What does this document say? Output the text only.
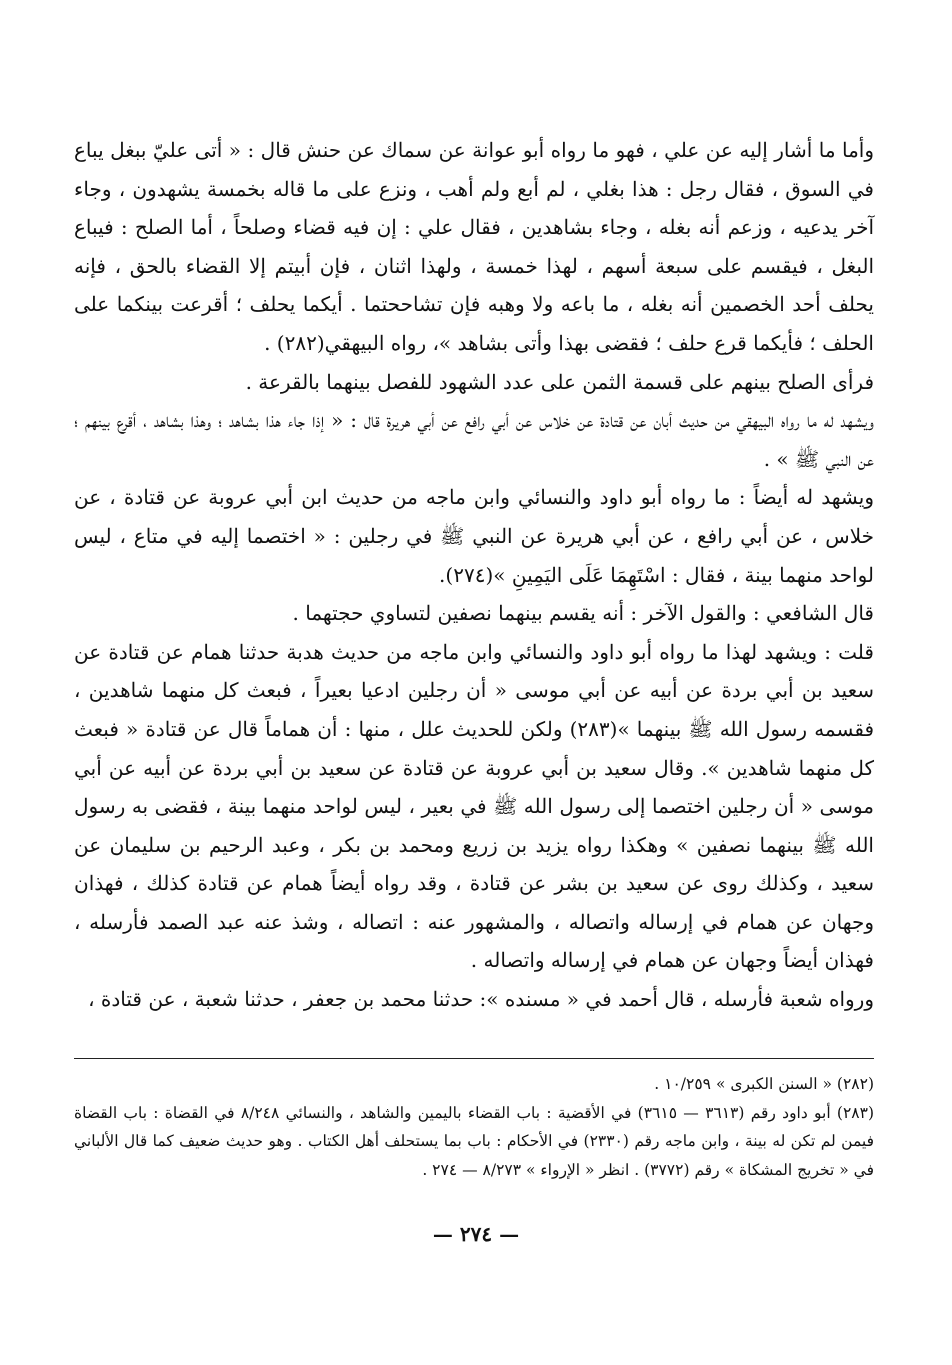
وأما ما أشار إليه عن علي ، فهو ما رواه أبو عوانة عن سماك عن حنش قال : « أتى عليّ ببغل يباع في السوق ، فقال رجل : هذا بغلي ، لم أبع ولم أهب ، ونزع على ما قاله بخمسة يشهدون ، وجاء آخر يدعيه ، وزعم أنه بغله ، وجاء بشاهدين ، فقال علي : إن فيه قضاء وصلحاً ، أما الصلح : فيباع البغل ، فيقسم على سبعة أسهم ، لهذا خمسة ، ولهذا اثنان ، فإن أبيتم إلا القضاء بالحق ، فإنه يحلف أحد الخصمين أنه بغله ، ما باعه ولا وهبه فإن تشاححتما . أيكما يحلف ؛ أقرعت بينكما على الحلف ؛ فأيكما قرع حلف ؛ فقضى بهذا وأتى بشاهد »، رواه البيهقي(٢٨٢) .

فرأى الصلح بينهم على قسمة الثمن على عدد الشهود للفصل بينهما بالقرعة .

ويشهد له ما رواه البيهقي من حديث أبان عن قتادة عن خلاس عن أبي رافع عن أبي هريرة قال : « إذا جاء هذا بشاهد ؛ وهذا بشاهد ، أقرع بينهم ؛ عن النبي ﷺ » .

ويشهد له أيضاً : ما رواه أبو داود والنسائي وابن ماجه من حديث ابن أبي عروبة عن قتادة ، عن خلاس ، عن أبي رافع ، عن أبي هريرة عن النبي ﷺ في رجلين : « اختصما إليه في متاع ، ليس لواحد منهما بينة ، فقال : اسْتَهِمَا عَلَى اليَمِينِ »(٢٧٤).

قال الشافعي : والقول الآخر : أنه يقسم بينهما نصفين لتساوي حجتهما .

قلت : ويشهد لهذا ما رواه أبو داود والنسائي وابن ماجه من حديث هدبة حدثنا همام عن قتادة عن سعيد بن أبي بردة عن أبيه عن أبي موسى « أن رجلين ادعيا بعيراً ، فبعث كل منهما شاهدين ، فقسمه رسول الله ﷺ بينهما »(٢٨٣) ولكن للحديث علل ، منها : أن هماماً قال عن قتادة « فبعث كل منهما شاهدين ». وقال سعيد بن أبي عروبة عن قتادة عن سعيد بن أبي بردة عن أبيه عن أبي موسى « أن رجلين اختصما إلى رسول الله ﷺ في بعير ، ليس لواحد منهما بينة ، فقضى به رسول الله ﷺ بينهما نصفين » وهكذا رواه يزيد بن زريع ومحمد بن بكر ، وعبد الرحيم بن سليمان عن سعيد ، وكذلك روى عن سعيد بن بشر عن قتادة ، وقد رواه أيضاً همام عن قتادة كذلك ، فهذان وجهان عن همام في إرساله واتصاله ، والمشهور عنه : اتصاله ، وشذ عنه عبد الصمد فأرسله ، فهذان أيضاً وجهان عن همام في إرساله واتصاله .

ورواه شعبة فأرسله ، قال أحمد في « مسنده »: حدثنا محمد بن جعفر ، حدثنا شعبة ، عن قتادة ،

(٢٨٢) « السنن الكبرى » ١٠/٢٥٩ .

(٢٨٣) أبو داود رقم (٣٦١٣ — ٣٦١٥) في الأقضية : باب القضاء باليمين والشاهد ، والنسائي ٨/٢٤٨ في القضاة : باب القضاة فيمن لم تكن له بينة ، وابن ماجه رقم (٢٣٣٠) في الأحكام : باب بما يستحلف أهل الكتاب . وهو حديث ضعيف كما قال الألباني في « تخريج المشكاة » رقم (٣٧٧٢) . انظر « الإرواء » ٨/٢٧٣ — ٢٧٤ .

— ٢٧٤ —
